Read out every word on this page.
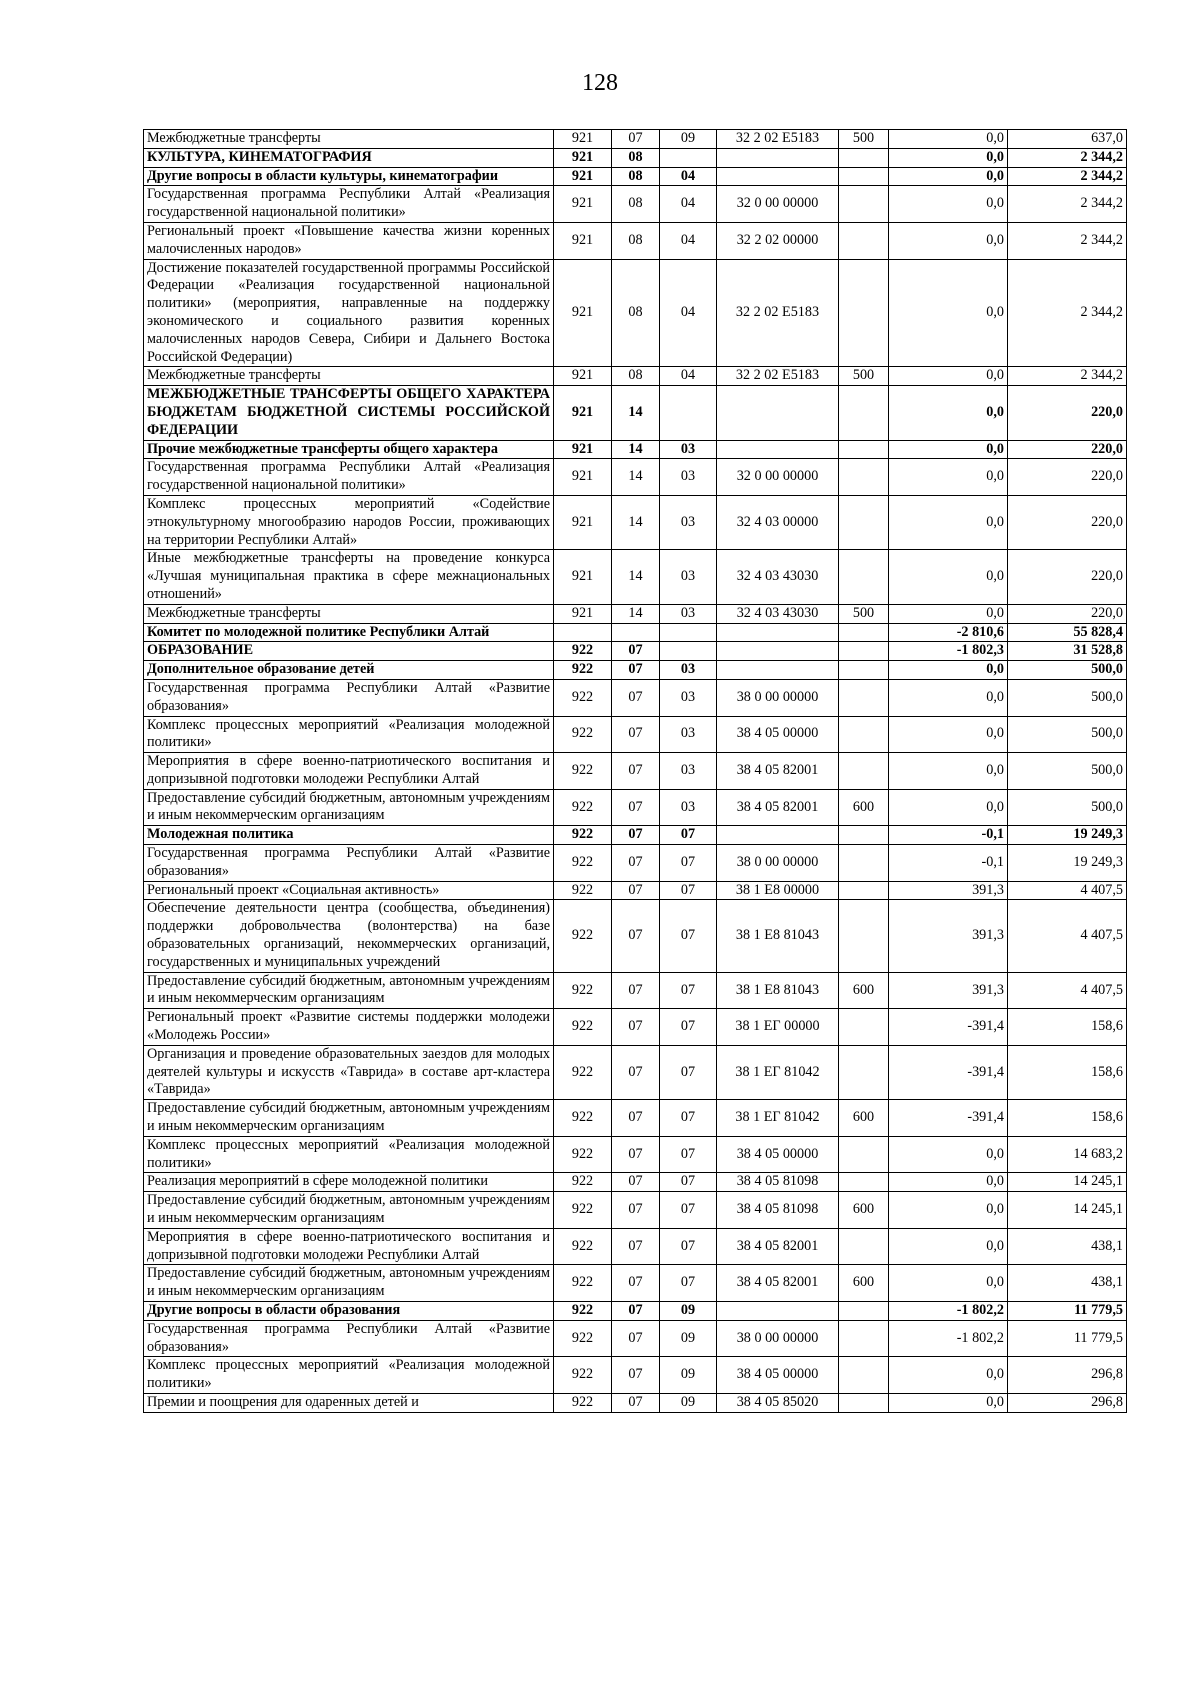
128
Межбюджетные трансферты	921	07	09	32 2 02 E5183	500	0,0	637,0
КУЛЬТУРА, КИНЕМАТОГРАФИЯ	921	08				0,0	2 344,2
Другие вопросы в области культуры, кинематографии	921	08	04			0,0	2 344,2
Государственная программа Республики Алтай «Реализация государственной национальной политики»	921	08	04	32 0 00 00000		0,0	2 344,2
Региональный проект «Повышение качества жизни коренных малочисленных народов»	921	08	04	32 2 02 00000		0,0	2 344,2
Достижение показателей государственной программы Российской Федерации «Реализация государственной национальной политики» (мероприятия, направленные на поддержку экономического и социального развития коренных малочисленных народов Севера, Сибири и Дальнего Востока Российской Федерации)	921	08	04	32 2 02 E5183		0,0	2 344,2
Межбюджетные трансферты	921	08	04	32 2 02 E5183	500	0,0	2 344,2
МЕЖБЮДЖЕТНЫЕ ТРАНСФЕРТЫ ОБЩЕГО ХАРАКТЕРА БЮДЖЕТАМ БЮДЖЕТНОЙ СИСТЕМЫ РОССИЙСКОЙ ФЕДЕРАЦИИ	921	14				0,0	220,0
Прочие межбюджетные трансферты общего характера	921	14	03			0,0	220,0
Государственная программа Республики Алтай «Реализация государственной национальной политики»	921	14	03	32 0 00 00000		0,0	220,0
Комплекс процессных мероприятий «Содействие этнокультурному многообразию народов России, проживающих на территории Республики Алтай»	921	14	03	32 4 03 00000		0,0	220,0
Иные межбюджетные трансферты на проведение конкурса «Лучшая муниципальная практика в сфере межнациональных отношений»	921	14	03	32 4 03 43030		0,0	220,0
Межбюджетные трансферты	921	14	03	32 4 03 43030	500	0,0	220,0
Комитет по молодежной политике Республики Алтай						-2 810,6	55 828,4
ОБРАЗОВАНИЕ	922	07				-1 802,3	31 528,8
Дополнительное образование детей	922	07	03			0,0	500,0
Государственная программа Республики Алтай «Развитие образования»	922	07	03	38 0 00 00000		0,0	500,0
Комплекс процессных мероприятий «Реализация молодежной политики»	922	07	03	38 4 05 00000		0,0	500,0
Мероприятия в сфере военно-патриотического воспитания и допризывной подготовки молодежи Республики Алтай	922	07	03	38 4 05 82001		0,0	500,0
Предоставление субсидий бюджетным, автономным учреждениям и иным некоммерческим организациям	922	07	03	38 4 05 82001	600	0,0	500,0
Молодежная политика	922	07	07			-0,1	19 249,3
Государственная программа Республики Алтай «Развитие образования»	922	07	07	38 0 00 00000		-0,1	19 249,3
Региональный проект «Социальная активность»	922	07	07	38 1 E8 00000		391,3	4 407,5
Обеспечение деятельности центра (сообщества, объединения) поддержки добровольчества (волонтерства) на базе образовательных организаций, некоммерческих организаций, государственных и муниципальных учреждений	922	07	07	38 1 E8 81043		391,3	4 407,5
Предоставление субсидий бюджетным, автономным учреждениям и иным некоммерческим организациям	922	07	07	38 1 E8 81043	600	391,3	4 407,5
Региональный проект «Развитие системы поддержки молодежи «Молодежь России»	922	07	07	38 1 EГ 00000		-391,4	158,6
Организация и проведение образовательных заездов для молодых деятелей культуры и искусств «Таврида» в составе арт-кластера «Таврида»	922	07	07	38 1 EГ 81042		-391,4	158,6
Предоставление субсидий бюджетным, автономным учреждениям и иным некоммерческим организациям	922	07	07	38 1 EГ 81042	600	-391,4	158,6
Комплекс процессных мероприятий «Реализация молодежной политики»	922	07	07	38 4 05 00000		0,0	14 683,2
Реализация мероприятий в сфере молодежной политики	922	07	07	38 4 05 81098		0,0	14 245,1
Предоставление субсидий бюджетным, автономным учреждениям и иным некоммерческим организациям	922	07	07	38 4 05 81098	600	0,0	14 245,1
Мероприятия в сфере военно-патриотического воспитания и допризывной подготовки молодежи Республики Алтай	922	07	07	38 4 05 82001		0,0	438,1
Предоставление субсидий бюджетным, автономным учреждениям и иным некоммерческим организациям	922	07	07	38 4 05 82001	600	0,0	438,1
Другие вопросы в области образования	922	07	09			-1 802,2	11 779,5
Государственная программа Республики Алтай «Развитие образования»	922	07	09	38 0 00 00000		-1 802,2	11 779,5
Комплекс процессных мероприятий «Реализация молодежной политики»	922	07	09	38 4 05 00000		0,0	296,8
Премии и поощрения для одаренных детей и	922	07	09	38 4 05 85020		0,0	296,8
